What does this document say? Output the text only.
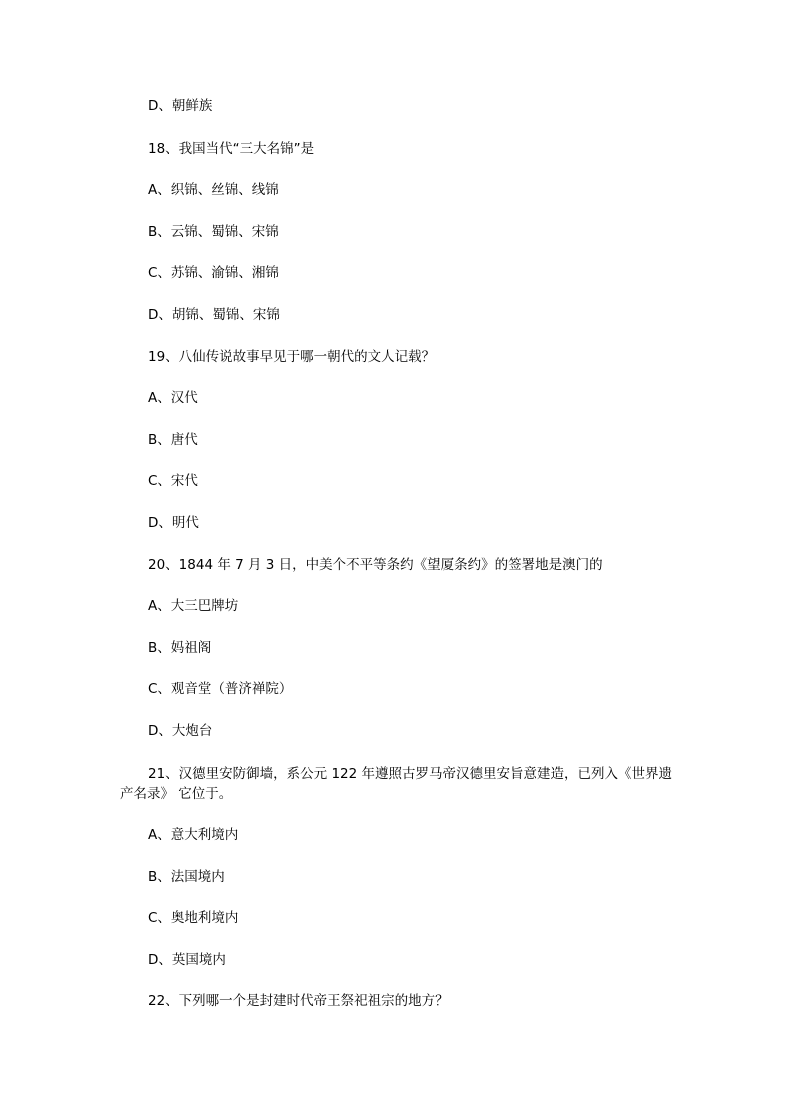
D、朝鲜族
18、我国当代“三大名锦”是
A、织锦、丝锦、线锦
B、云锦、蜀锦、宋锦
C、苏锦、渝锦、湘锦
D、胡锦、蜀锦、宋锦
19、八仙传说故事早见于哪一朝代的文人记载？
A、汉代
B、唐代
C、宋代
D、明代
20、1844 年 7 月 3 日，中美个不平等条约《望厦条约》的签署地是澳门的
A、大三巴牌坊
B、妈祖阁
C、观音堂（普济禅院）
D、大炮台
21、汉德里安防御墙，系公元 122 年遵照古罗马帝汉德里安旨意建造，已列入《世界遗产名录》 它位于。
A、意大利境内
B、法国境内
C、奥地利境内
D、英国境内
22、下列哪一个是封建时代帝王祭祀祖宗的地方？
